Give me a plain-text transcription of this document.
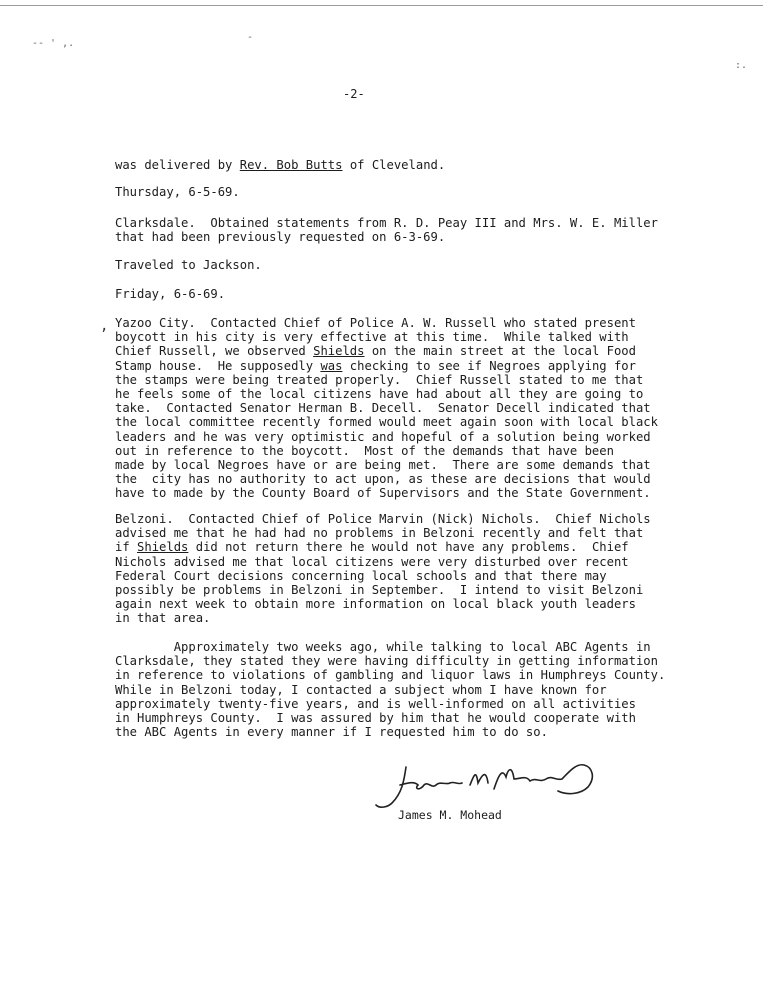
-- ' ,.
-
:.
-2-
was delivered by Rev. Bob Butts of Cleveland.
Thursday, 6-5-69.
Clarksdale.  Obtained statements from R. D. Peay III and Mrs. W. E. Miller
that had been previously requested on 6-3-69.
Traveled to Jackson.
Friday, 6-6-69.
Yazoo City.  Contacted Chief of Police A. W. Russell who stated present
boycott in his city is very effective at this time.  While talked with
Chief Russell, we observed Shields on the main street at the local Food
Stamp house.  He supposedly was checking to see if Negroes applying for
the stamps were being treated properly.  Chief Russell stated to me that
he feels some of the local citizens have had about all they are going to
take.  Contacted Senator Herman B. Decell.  Senator Decell indicated that
the local committee recently formed would meet again soon with local black
leaders and he was very optimistic and hopeful of a solution being worked
out in reference to the boycott.  Most of the demands that have been
made by local Negroes have or are being met.  There are some demands that
the  city has no authority to act upon, as these are decisions that would
have to made by the County Board of Supervisors and the State Government.
Belzoni.  Contacted Chief of Police Marvin (Nick) Nichols.  Chief Nichols
advised me that he had had no problems in Belzoni recently and felt that
if Shields did not return there he would not have any problems.  Chief
Nichols advised me that local citizens were very disturbed over recent
Federal Court decisions concerning local schools and that there may
possibly be problems in Belzoni in September.  I intend to visit Belzoni
again next week to obtain more information on local black youth leaders
in that area.
Approximately two weeks ago, while talking to local ABC Agents in
Clarksdale, they stated they were having difficulty in getting information
in reference to violations of gambling and liquor laws in Humphreys County.
While in Belzoni today, I contacted a subject whom I have known for
approximately twenty-five years, and is well-informed on all activities
in Humphreys County.  I was assured by him that he would cooperate with
the ABC Agents in every manner if I requested him to do so.
,
James M. Mohead
